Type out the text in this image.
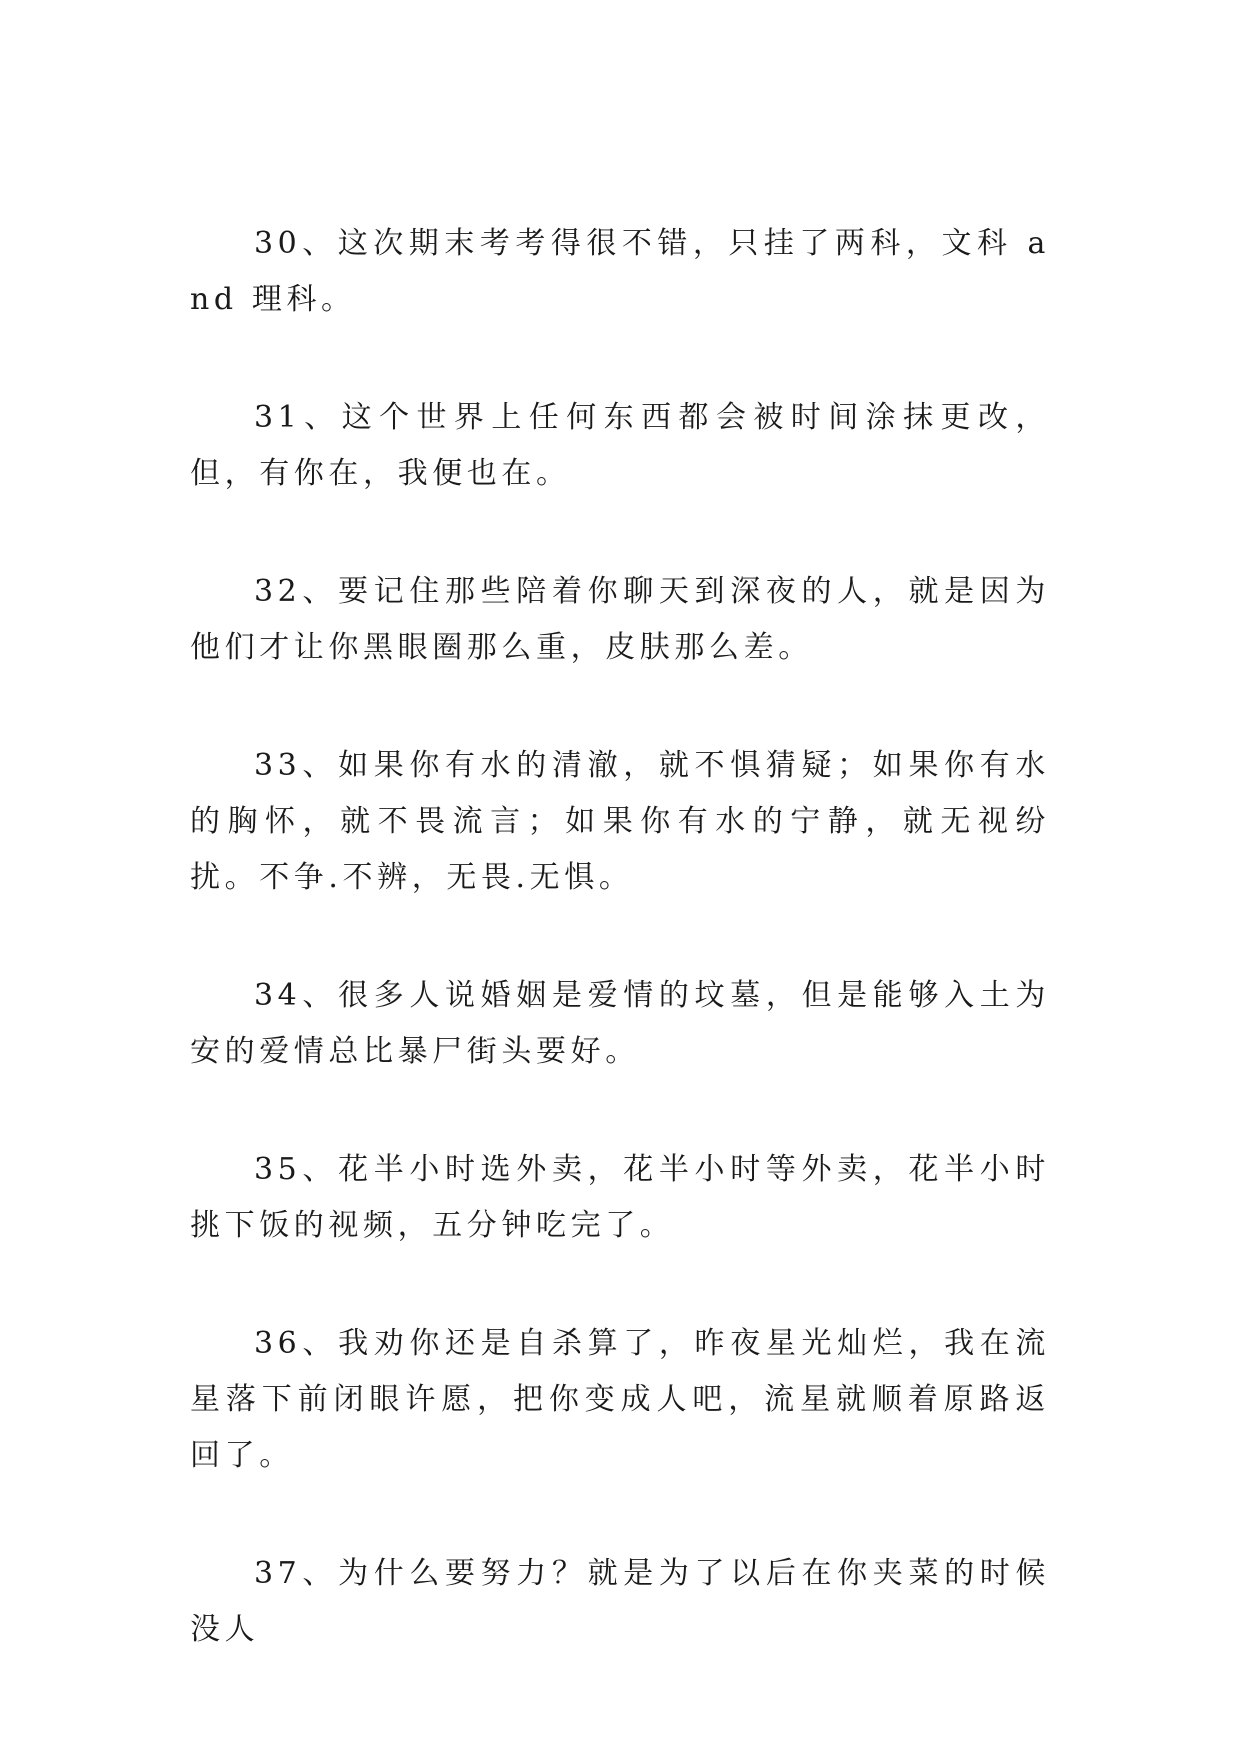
30、这次期末考考得很不错，只挂了两科，文科 and 理科。

31、这个世界上任何东西都会被时间涂抹更改，但，有你在，我便也在。

32、要记住那些陪着你聊天到深夜的人，就是因为他们才让你黑眼圈那么重，皮肤那么差。

33、如果你有水的清澈，就不惧猜疑；如果你有水的胸怀，就不畏流言；如果你有水的宁静，就无视纷扰。不争.不辨，无畏.无惧。

34、很多人说婚姻是爱情的坟墓，但是能够入土为安的爱情总比暴尸街头要好。

35、花半小时选外卖，花半小时等外卖，花半小时挑下饭的视频，五分钟吃完了。

36、我劝你还是自杀算了，昨夜星光灿烂，我在流星落下前闭眼许愿，把你变成人吧，流星就顺着原路返回了。

37、为什么要努力？就是为了以后在你夹菜的时候没人
